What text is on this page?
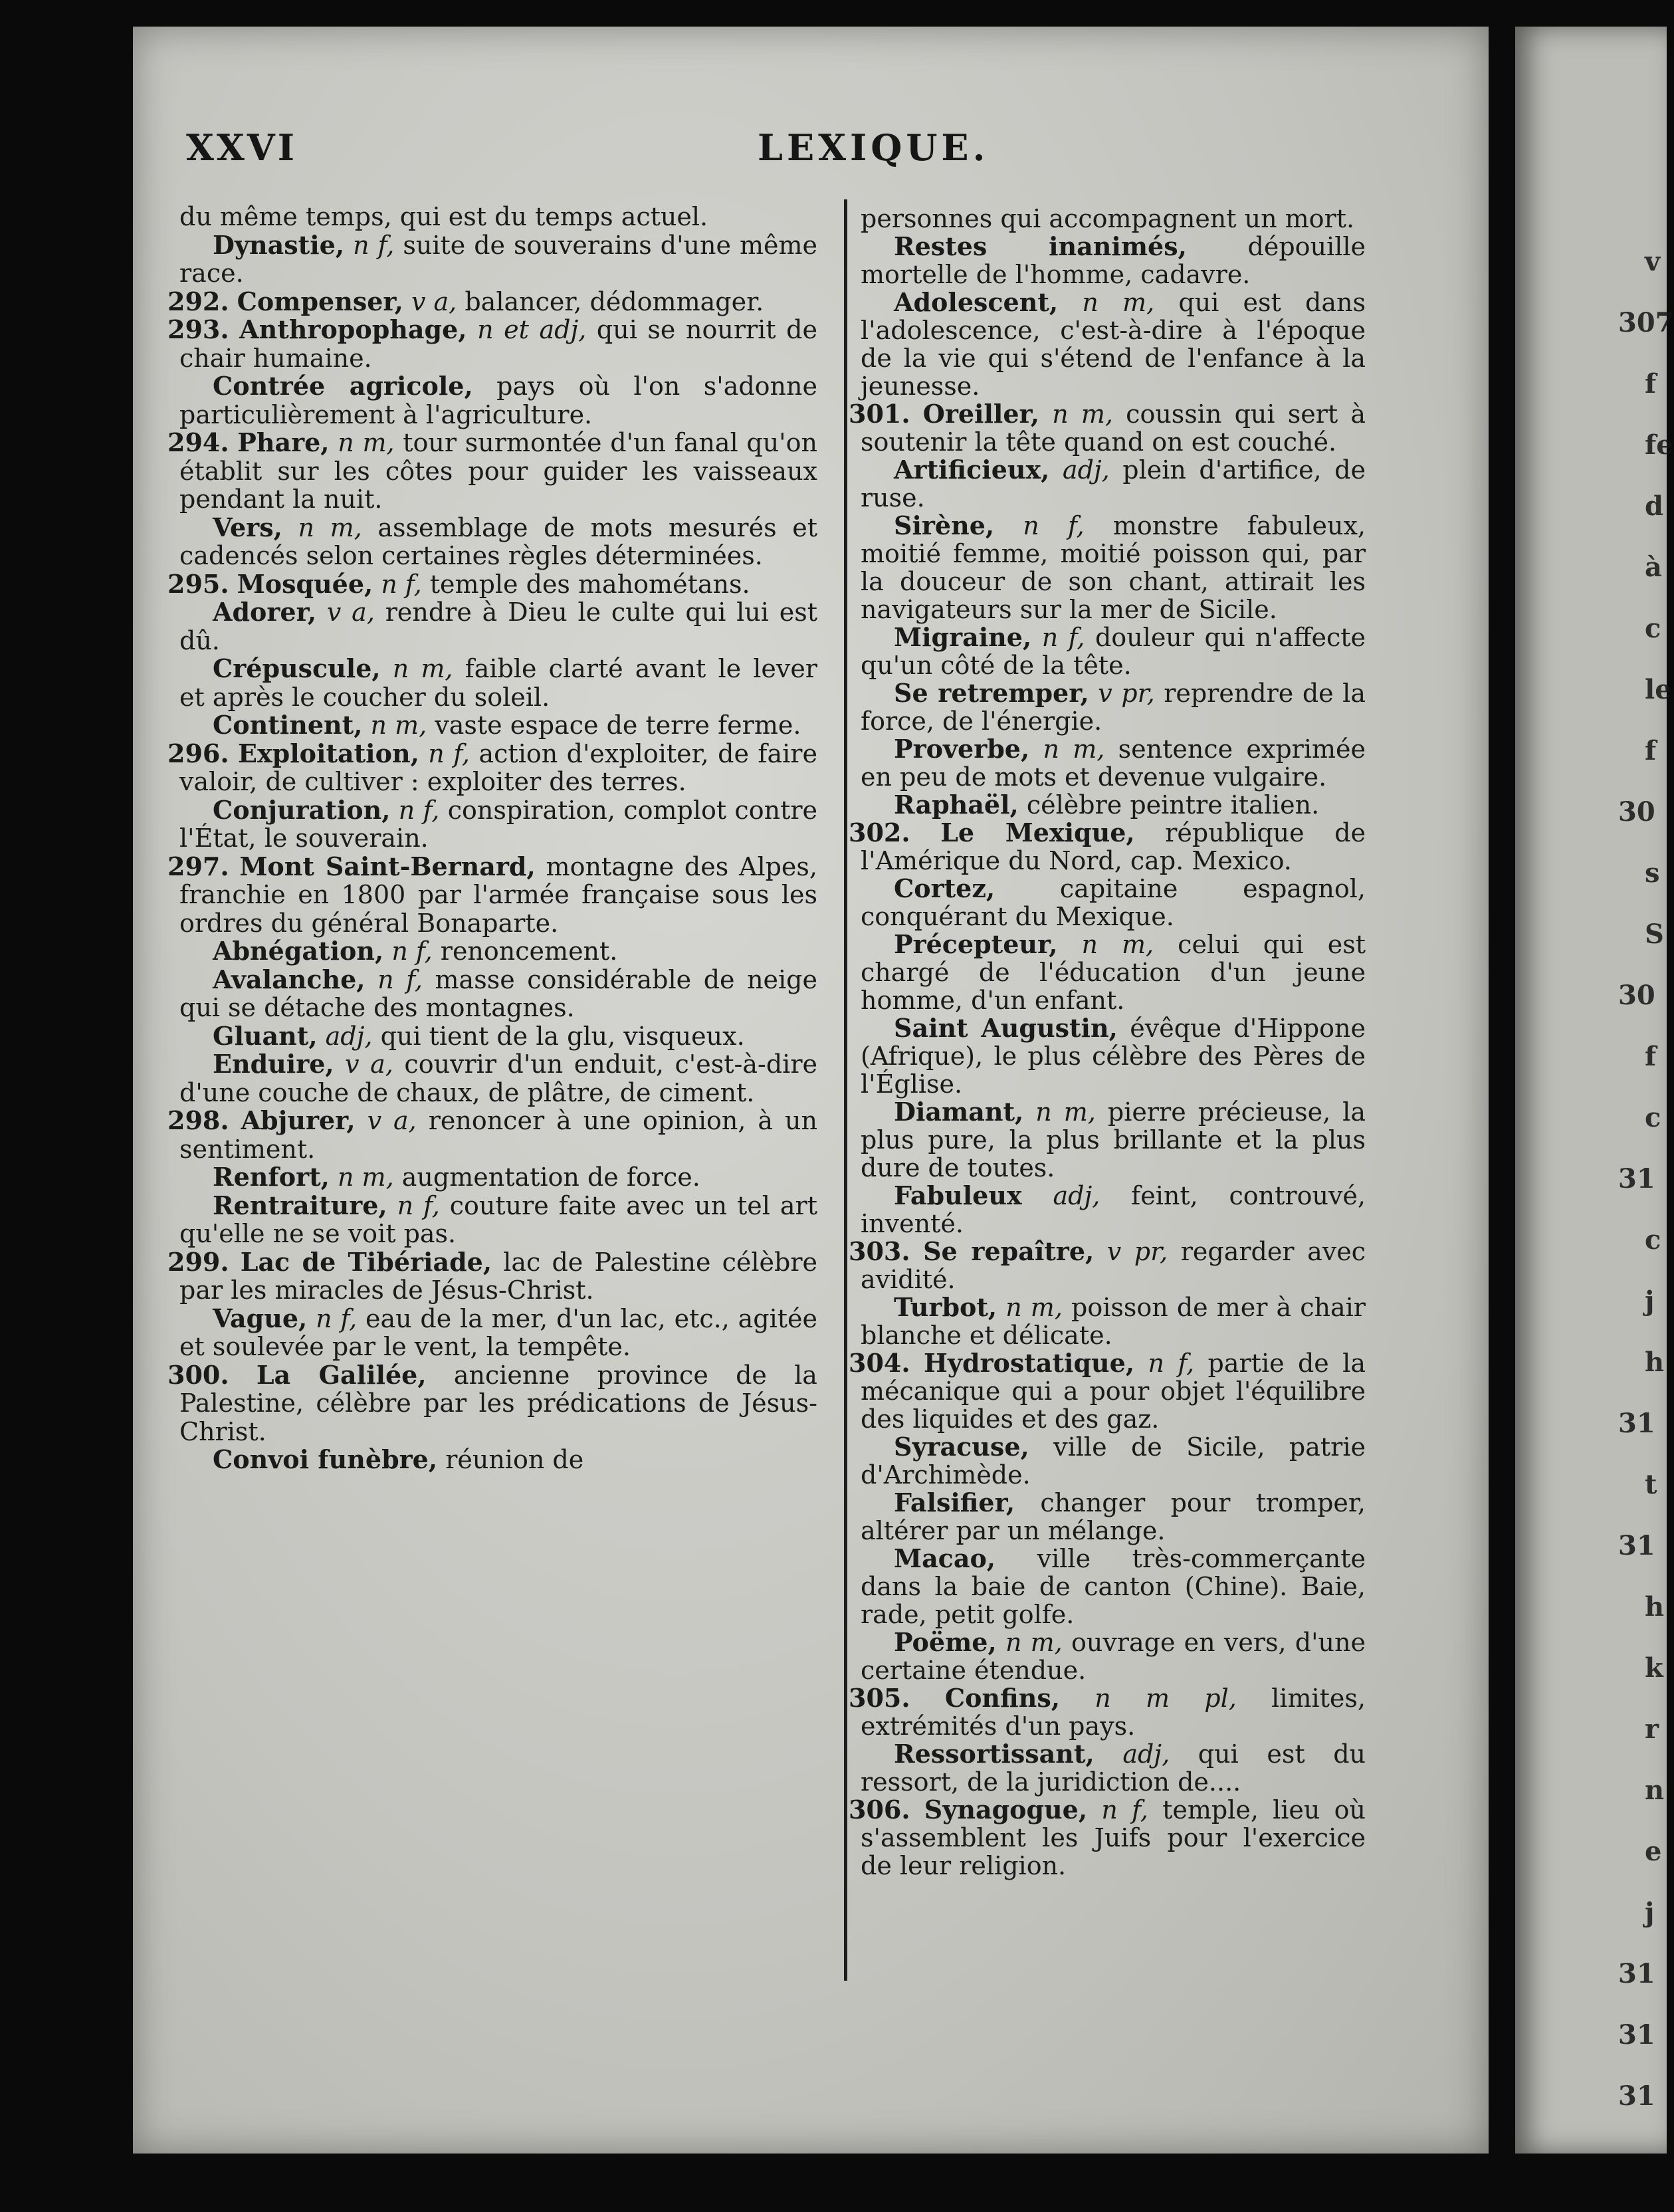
v
307
f
fe
d
à
c
le
f
30
s
S
30
f
c
31
c
j
h
31
t
31
h
k
r
n
e
j
31
31
31
XXVI	LEXIQUE.
du même temps, qui est du temps actuel.
Dynastie, n f, suite de souverains d'une même race.
292. Compenser, v a, balancer, dédommager.
293. Anthropophage, n et adj, qui se nourrit de chair humaine.
Contrée agricole, pays où l'on s'adonne particulièrement à l'agriculture.
294. Phare, n m, tour surmontée d'un fanal qu'on établit sur les côtes pour guider les vaisseaux pendant la nuit.
Vers, n m, assemblage de mots mesurés et cadencés selon certaines règles déterminées.
295. Mosquée, n f, temple des mahométans.
Adorer, v a, rendre à Dieu le culte qui lui est dû.
Crépuscule, n m, faible clarté avant le lever et après le coucher du soleil.
Continent, n m, vaste espace de terre ferme.
296. Exploitation, n f, action d'exploiter, de faire valoir, de cultiver : exploiter des terres.
Conjuration, n f, conspiration, complot contre l'État, le souverain.
297. Mont Saint-Bernard, montagne des Alpes, franchie en 1800 par l'armée française sous les ordres du général Bonaparte.
Abnégation, n f, renoncement.
Avalanche, n f, masse considérable de neige qui se détache des montagnes.
Gluant, adj, qui tient de la glu, visqueux.
Enduire, v a, couvrir d'un enduit, c'est-à-dire d'une couche de chaux, de plâtre, de ciment.
298. Abjurer, v a, renoncer à une opinion, à un sentiment.
Renfort, n m, augmentation de force.
Rentraiture, n f, couture faite avec un tel art qu'elle ne se voit pas.
299. Lac de Tibériade, lac de Palestine célèbre par les miracles de Jésus-Christ.
Vague, n f, eau de la mer, d'un lac, etc., agitée et soulevée par le vent, la tempête.
300. La Galilée, ancienne province de la Palestine, célèbre par les prédications de Jésus-Christ.
Convoi funèbre, réunion de
personnes qui accompagnent un mort.
Restes inanimés, dépouille mortelle de l'homme, cadavre.
Adolescent, n m, qui est dans l'adolescence, c'est-à-dire à l'époque de la vie qui s'étend de l'enfance à la jeunesse.
301. Oreiller, n m, coussin qui sert à soutenir la tête quand on est couché.
Artificieux, adj, plein d'artifice, de ruse.
Sirène, n f, monstre fabuleux, moitié femme, moitié poisson qui, par la douceur de son chant, attirait les navigateurs sur la mer de Sicile.
Migraine, n f, douleur qui n'affecte qu'un côté de la tête.
Se retremper, v pr, reprendre de la force, de l'énergie.
Proverbe, n m, sentence exprimée en peu de mots et devenue vulgaire.
Raphaël, célèbre peintre italien.
302. Le Mexique, république de l'Amérique du Nord, cap. Mexico.
Cortez,	capitaine espagnol, conquérant du Mexique.
Précepteur, n m, celui qui est chargé de l'éducation d'un jeune homme, d'un enfant.
Saint Augustin, évêque d'Hippone (Afrique), le plus célèbre des Pères de l'Église.
Diamant, n m, pierre précieuse, la plus pure, la plus brillante et la plus dure de toutes.
Fabuleux adj, feint, controuvé, inventé.
303. Se repaître, v pr, regarder avec avidité.
Turbot, n m, poisson de mer à chair blanche et délicate.
304. Hydrostatique, n f, partie de la mécanique qui a pour objet l'équilibre des liquides et des gaz.
Syracuse, ville de Sicile, patrie d'Archimède.
Falsifier, changer pour tromper, altérer par un mélange.
Macao, ville très-commerçante dans la baie de canton (Chine). Baie, rade, petit golfe.
Poëme, n m, ouvrage en vers, d'une certaine étendue.
305. Confins, n m pl, limites, extrémités d'un pays.
Ressortissant, adj, qui est du ressort, de la juridiction de....
306. Synagogue, n f, temple, lieu où s'assemblent les Juifs pour l'exercice de leur religion.
